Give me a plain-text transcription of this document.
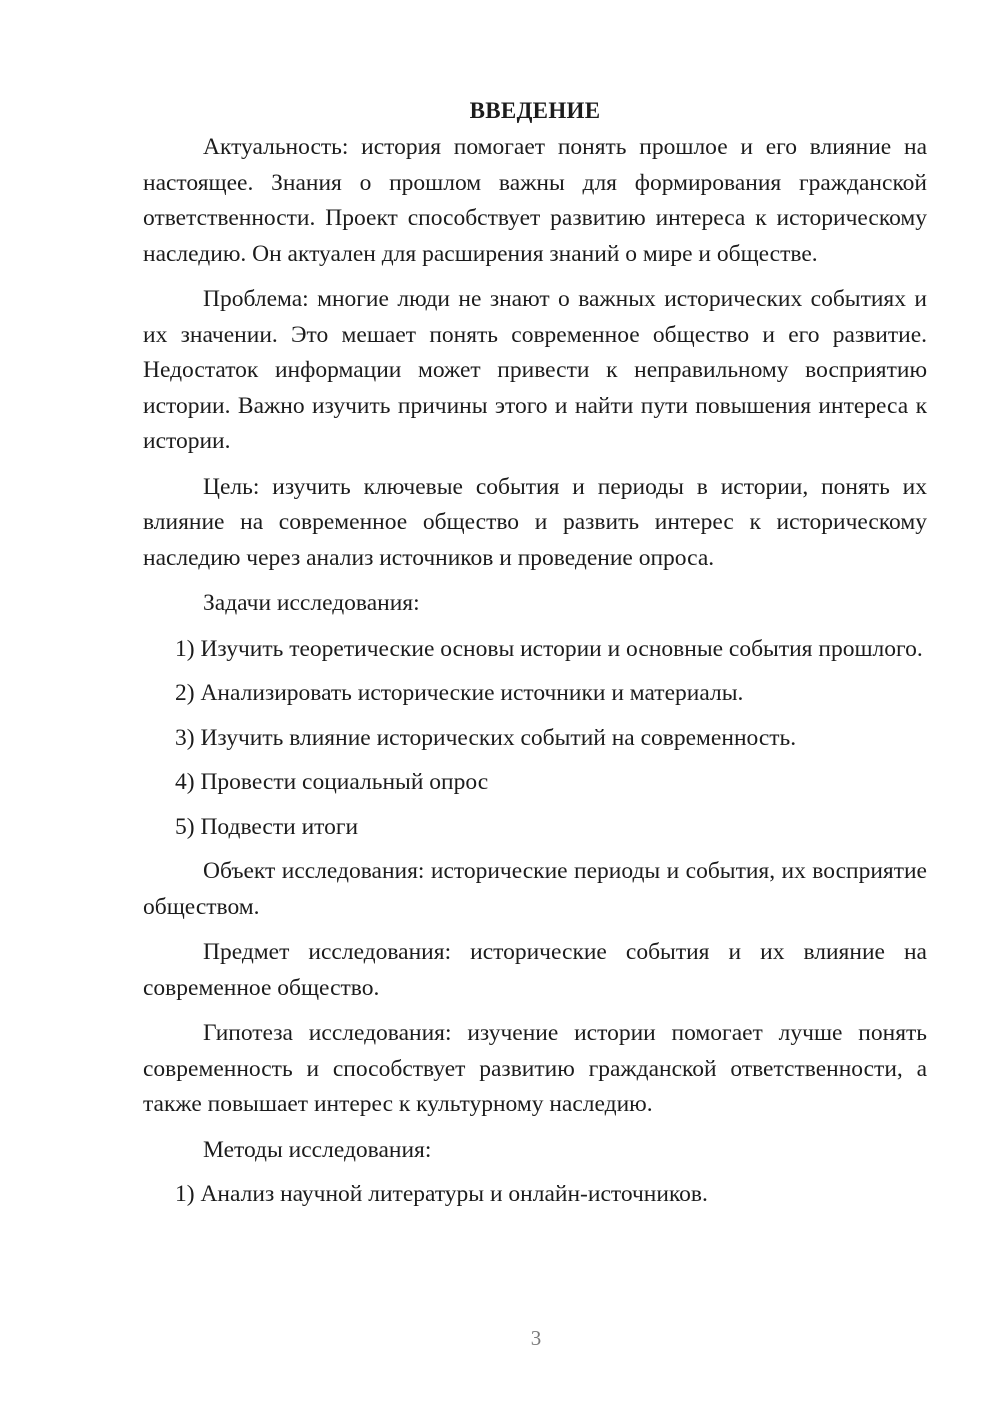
ВВЕДЕНИЕ

Актуальность: история помогает понять прошлое и его влияние на настоящее. Знания о прошлом важны для формирования гражданской ответственности. Проект способствует развитию интереса к историческому наследию. Он актуален для расширения знаний о мире и обществе.

Проблема: многие люди не знают о важных исторических событиях и их значении. Это мешает понять современное общество и его развитие. Недостаток информации может привести к неправильному восприятию истории. Важно изучить причины этого и найти пути повышения интереса к истории.

Цель: изучить ключевые события и периоды в истории, понять их влияние на современное общество и развить интерес к историческому наследию через анализ источников и проведение опроса.

Задачи исследования:

1) Изучить теоретические основы истории и основные события прошлого.

2) Анализировать исторические источники и материалы.

3) Изучить влияние исторических событий на современность.

4) Провести социальный опрос

5) Подвести итоги

Объект исследования: исторические периоды и события, их восприятие обществом.

Предмет исследования: исторические события и их влияние на современное общество.

Гипотеза исследования: изучение истории помогает лучше понять современность и способствует развитию гражданской ответственности, а также повышает интерес к культурному наследию.

Методы исследования:

1) Анализ научной литературы и онлайн-источников.

3
